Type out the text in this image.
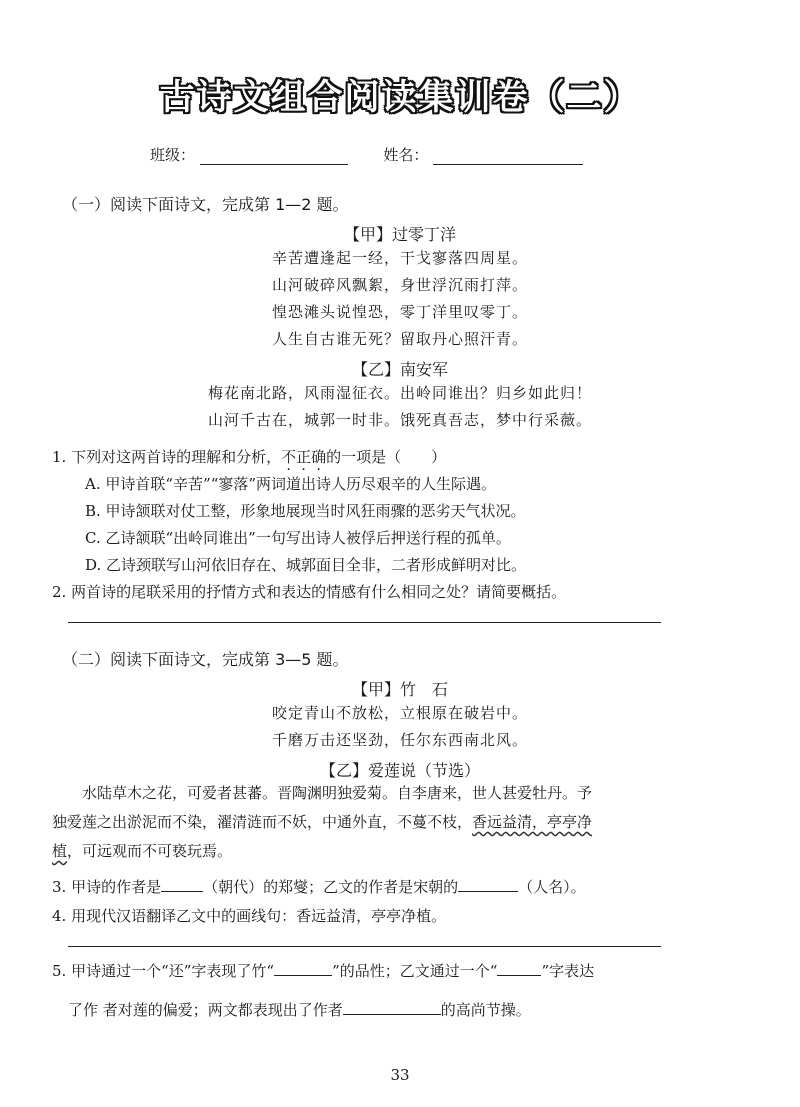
古诗文组合阅读集训卷（二）
班级：	姓名：
（一）阅读下面诗文，完成第 1—2 题。
【甲】过零丁洋
辛苦遭逢起一经，干戈寥落四周星。
山河破碎风飘絮，身世浮沉雨打萍。
惶恐滩头说惶恐，零丁洋里叹零丁。
人生自古谁无死？留取丹心照汗青。
【乙】南安军
梅花南北路，风雨湿征衣。出岭同谁出？归乡如此归！
山河千古在，城郭一时非。饿死真吾志，梦中行采薇。
1. 下列对这两首诗的理解和分析，不正确的一项是（　　）
A. 甲诗首联“辛苦”“寥落”两词道出诗人历尽艰辛的人生际遇。
B. 甲诗颔联对仗工整，形象地展现当时风狂雨骤的恶劣天气状况。
C. 乙诗颔联“出岭同谁出”一句写出诗人被俘后押送行程的孤单。
D. 乙诗颈联写山河依旧存在、城郭面目全非，二者形成鲜明对比。
2. 两首诗的尾联采用的抒情方式和表达的情感有什么相同之处？请简要概括。
（二）阅读下面诗文，完成第 3—5 题。
【甲】竹　石
咬定青山不放松，立根原在破岩中。
千磨万击还坚劲，任尔东西南北风。
【乙】爱莲说（节选）
水陆草木之花，可爱者甚蕃。晋陶渊明独爱菊。自李唐来，世人甚爱牡丹。予
独爱莲之出淤泥而不染，濯清涟而不妖，中通外直，不蔓不枝，香远益清，亭亭净
植，可远观而不可亵玩焉。
3. 甲诗的作者是	（朝代）的郑燮；乙文的作者是宋朝的	（人名）。
4. 用现代汉语翻译乙文中的画线句：香远益清，亭亭净植。
5. 甲诗通过一个“还”字表现了竹“	”的品性；乙文通过一个“	”字表达
了作 者对莲的偏爱；两文都表现出了作者	的高尚节操。
33
